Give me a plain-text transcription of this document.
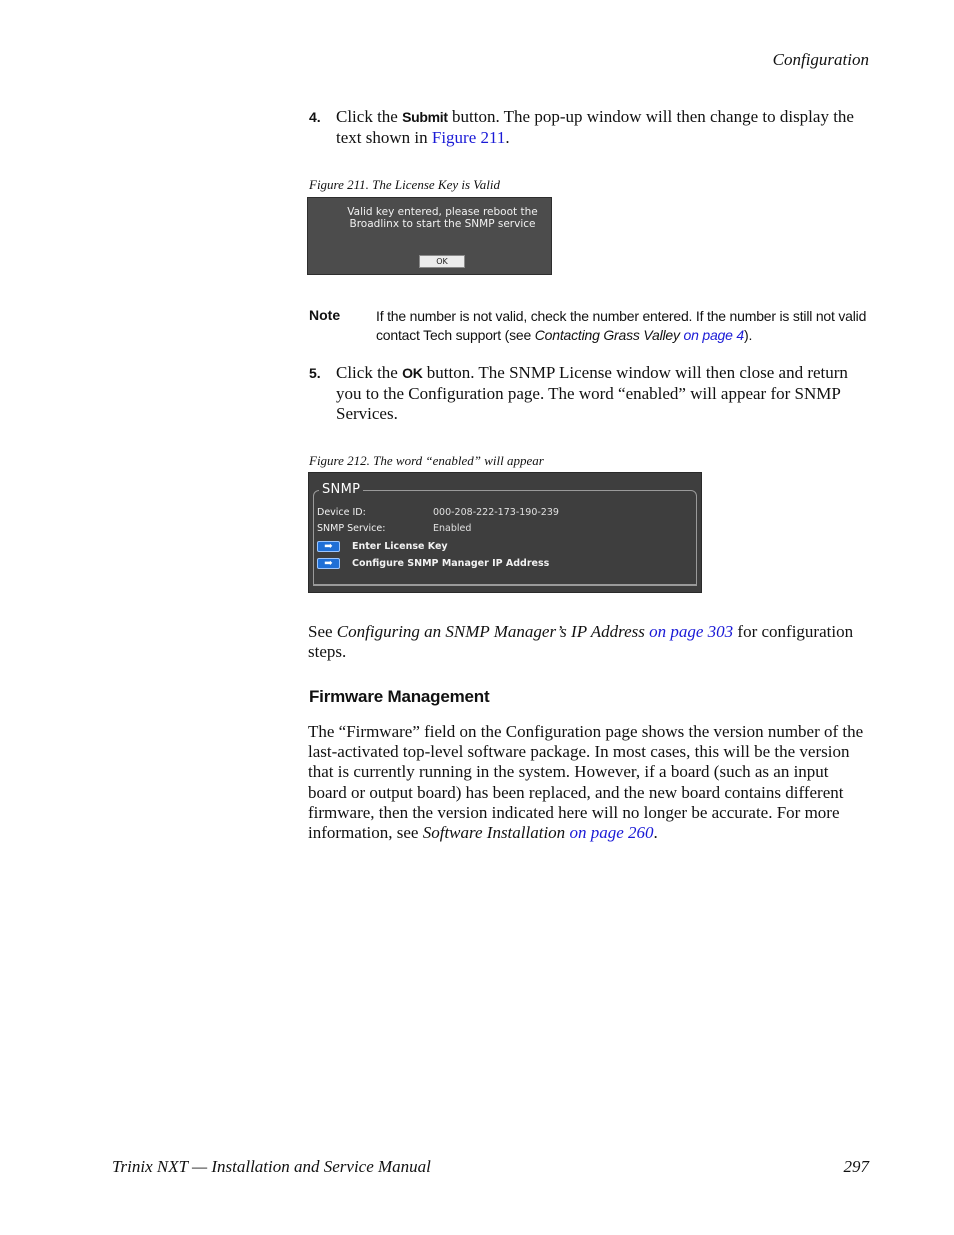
Configuration
4. Click the Submit button. The pop-up window will then change to display the text shown in Figure 211.
Figure 211. The License Key is Valid
Valid key entered, please reboot the
Broadlinx to start the SNMP service
OK
Note	If the number is not valid, check the number entered. If the number is still not valid contact Tech support (see Contacting Grass Valley on page 4).
5. Click the OK button. The SNMP License window will then close and return you to the Configuration page. The word “enabled” will appear for SNMP Services.
Figure 212. The word “enabled” will appear
SNMP
Device ID:	000-208-222-173-190-239
SNMP Service:	Enabled
➡	Enter License Key
➡	Configure SNMP Manager IP Address
See Configuring an SNMP Manager’s IP Address on page 303 for configuration steps.
Firmware Management
The “Firmware” field on the Configuration page shows the version number of the last-activated top-level software package. In most cases, this will be the version that is currently running in the system. However, if a board (such as an input board or output board) has been replaced, and the new board contains different firmware, then the version indicated here will no longer be accurate. For more information, see Software Installation on page 260.
Trinix NXT — Installation and Service Manual	297
